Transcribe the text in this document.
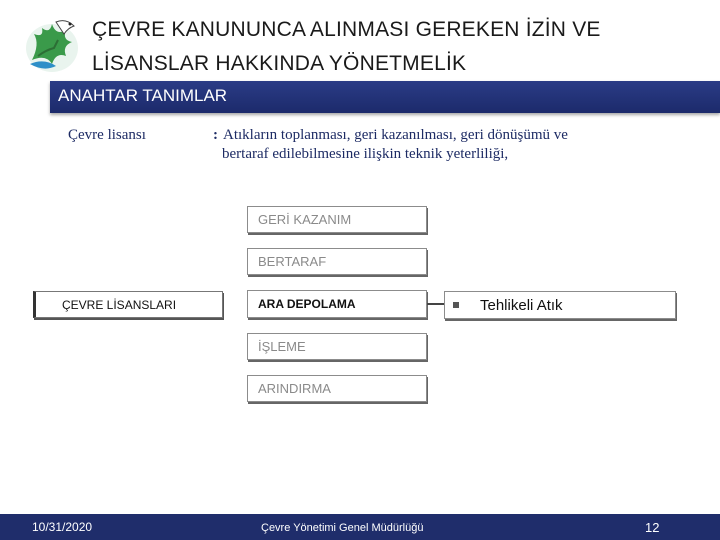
ÇEVRE KANUNUNCA ALINMASI GEREKEN İZİN VE
LİSANSLAR HAKKINDA YÖNETMELİK
ANAHTAR TANIMLAR
Çevre lisansı	: Atıkların toplanması, geri kazanılması, geri dönüşümü ve
bertaraf edilebilmesine ilişkin teknik yeterliliği,
ÇEVRE LİSANSLARI
GERİ KAZANIM
BERTARAF
ARA DEPOLAMA
İŞLEME
ARINDIRMA
Tehlikeli Atık
10/31/2020	Çevre Yönetimi Genel Müdürlüğü	12
